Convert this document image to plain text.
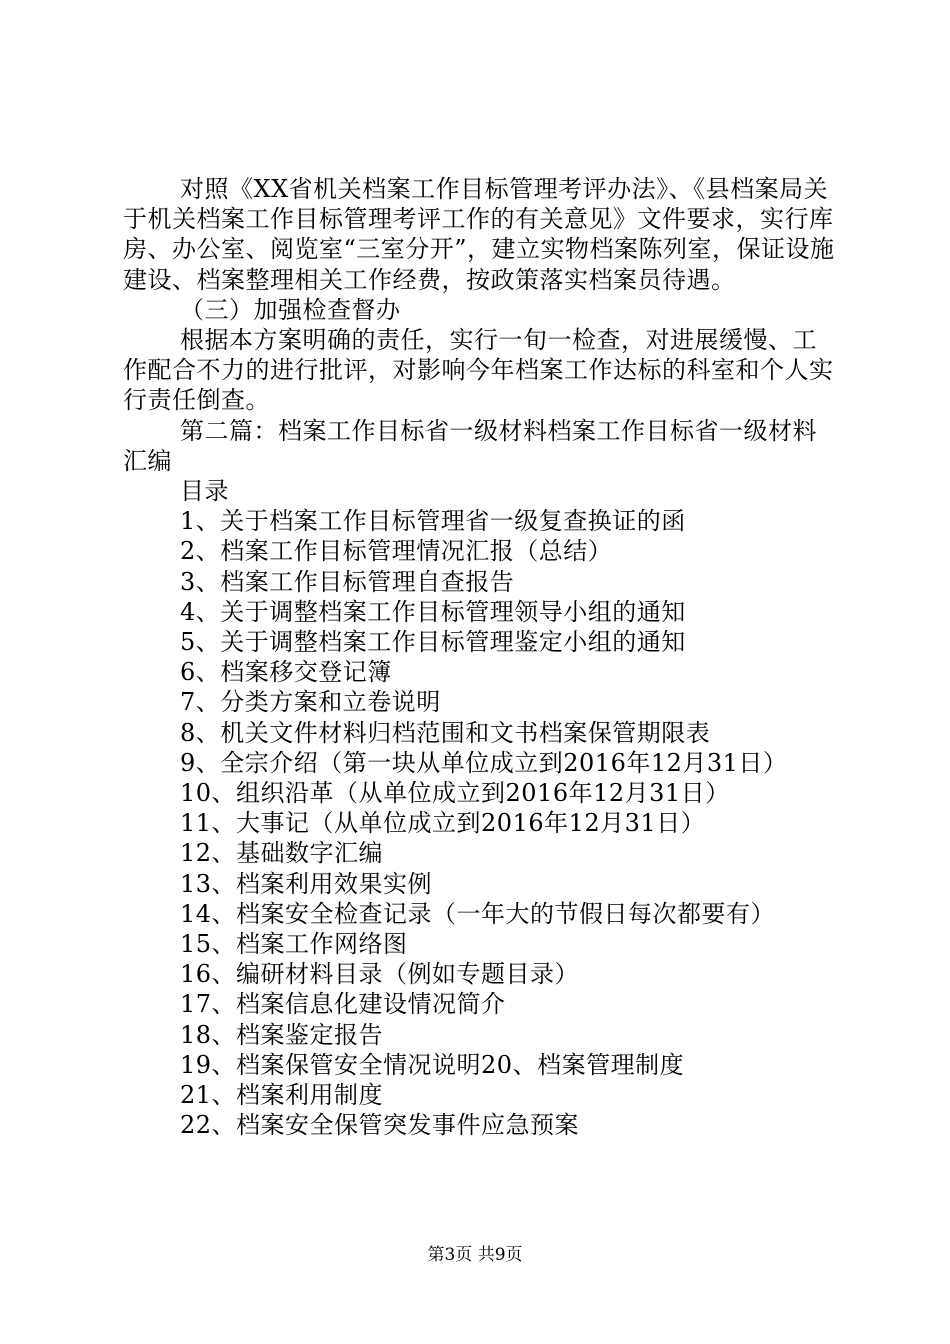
对照《XX省机关档案工作目标管理考评办法》、《县档案局关于机关档案工作目标管理考评工作的有关意见》文件要求，实行库房、办公室、阅览室“三室分开”，建立实物档案陈列室，保证设施建设、档案整理相关工作经费，按政策落实档案员待遇。

（三）加强检查督办

根据本方案明确的责任，实行一旬一检查，对进展缓慢、工作配合不力的进行批评，对影响今年档案工作达标的科室和个人实行责任倒查。

第二篇：档案工作目标省一级材料档案工作目标省一级材料汇编

目录

1、关于档案工作目标管理省一级复查换证的函
2、档案工作目标管理情况汇报（总结）
3、档案工作目标管理自查报告
4、关于调整档案工作目标管理领导小组的通知
5、关于调整档案工作目标管理鉴定小组的通知
6、档案移交登记簿
7、分类方案和立卷说明
8、机关文件材料归档范围和文书档案保管期限表
9、全宗介绍（第一块从单位成立到2016年12月31日）
10、组织沿革（从单位成立到2016年12月31日）
11、大事记（从单位成立到2016年12月31日）
12、基础数字汇编
13、档案利用效果实例
14、档案安全检查记录（一年大的节假日每次都要有）
15、档案工作网络图
16、编研材料目录（例如专题目录）
17、档案信息化建设情况简介
18、档案鉴定报告
19、档案保管安全情况说明20、档案管理制度
21、档案利用制度
22、档案安全保管突发事件应急预案
第3页 共9页
